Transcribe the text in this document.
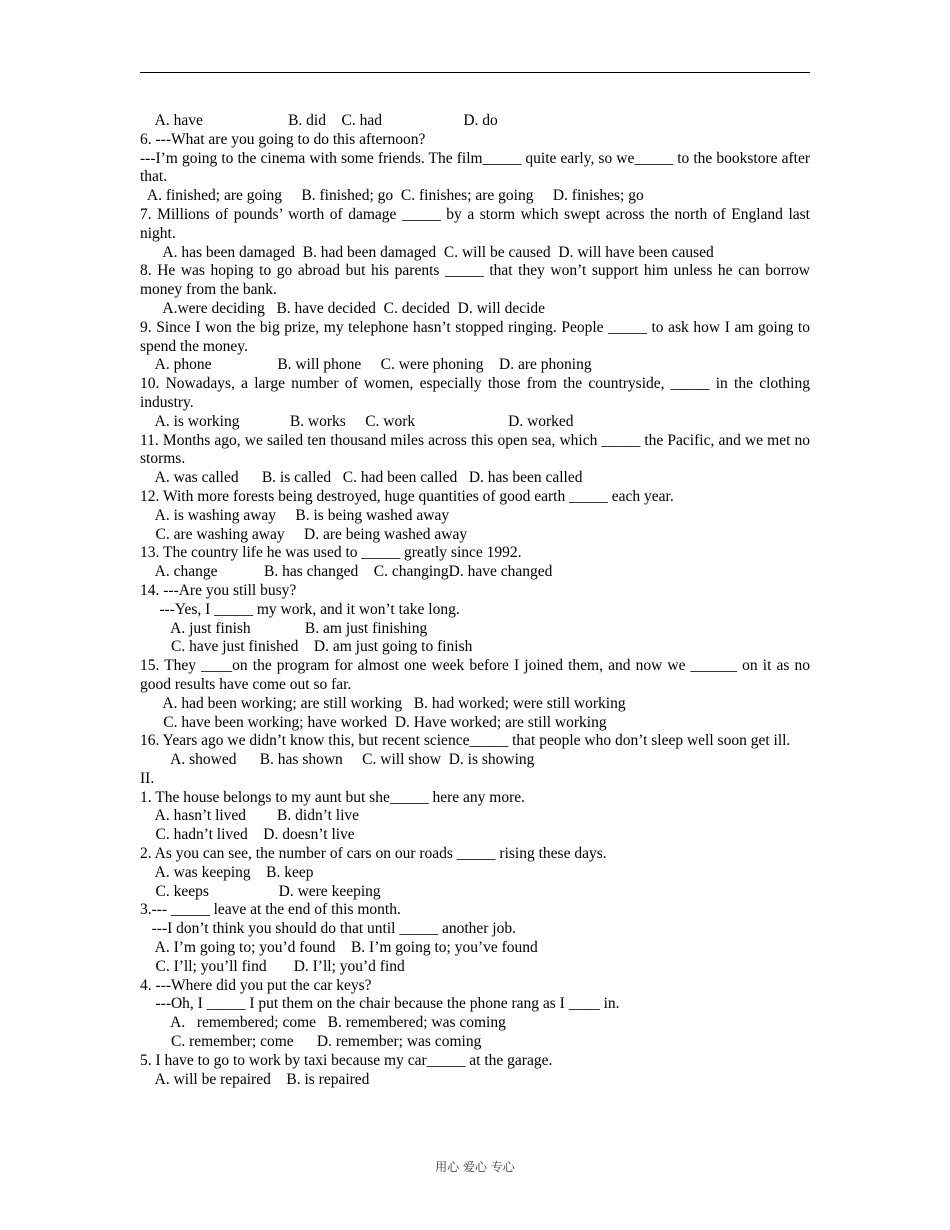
A. have                      B. did    C. had                     D. do
6. ---What are you going to do this afternoon?
---I’m going to the cinema with some friends. The film_____ quite early, so we_____ to the bookstore after that.
A. finished; are going     B. finished; go  C. finishes; are going     D. finishes; go
7. Millions of pounds’ worth of damage _____ by a storm which swept across the north of England last night.
A. has been damaged  B. had been damaged  C. will be caused  D. will have been caused
8. He was hoping to go abroad but his parents _____ that they won’t support him unless he can borrow money from the bank.
A.were deciding   B. have decided  C. decided  D. will decide
9. Since I won the big prize, my telephone hasn’t stopped ringing. People _____ to ask how I am going to spend the money.
A. phone                 B. will phone     C. were phoning    D. are phoning
10. Nowadays, a large number of women, especially those from the countryside, _____ in the clothing industry.
A. is working             B. works     C. work                        D. worked
11. Months ago, we sailed ten thousand miles across this open sea, which _____ the Pacific, and we met no storms.
A. was called      B. is called   C. had been called   D. has been called
12. With more forests being destroyed, huge quantities of good earth _____ each year.
A. is washing away     B. is being washed away
C. are washing away     D. are being washed away
13. The country life he was used to _____ greatly since 1992.
A. change            B. has changed    C. changingD. have changed
14. ---Are you still busy?
---Yes, I _____ my work, and it won’t take long.
A. just finish              B. am just finishing
C. have just finished    D. am just going to finish
15. They ____on the program for almost one week before I joined them, and now we ______ on it as no good results have come out so far.
A. had been working; are still working   B. had worked; were still working
C. have been working; have worked  D. Have worked; are still working
16. Years ago we didn’t know this, but recent science_____ that people who don’t sleep well soon get ill.
A. showed      B. has shown     C. will show  D. is showing
II.
1. The house belongs to my aunt but she_____ here any more.
A. hasn’t lived        B. didn’t live
C. hadn’t lived    D. doesn’t live
2. As you can see, the number of cars on our roads _____ rising these days.
A. was keeping    B. keep
C. keeps                  D. were keeping
3.--- _____ leave at the end of this month.
---I don’t think you should do that until _____ another job.
A. I’m going to; you’d found    B. I’m going to; you’ve found
C. I’ll; you’ll find       D. I’ll; you’d find
4. ---Where did you put the car keys?
---Oh, I _____ I put them on the chair because the phone rang as I ____ in.
A.   remembered; come   B. remembered; was coming
C. remember; come      D. remember; was coming
5. I have to go to work by taxi because my car_____ at the garage.
A. will be repaired    B. is repaired
用心 爱心 专心
